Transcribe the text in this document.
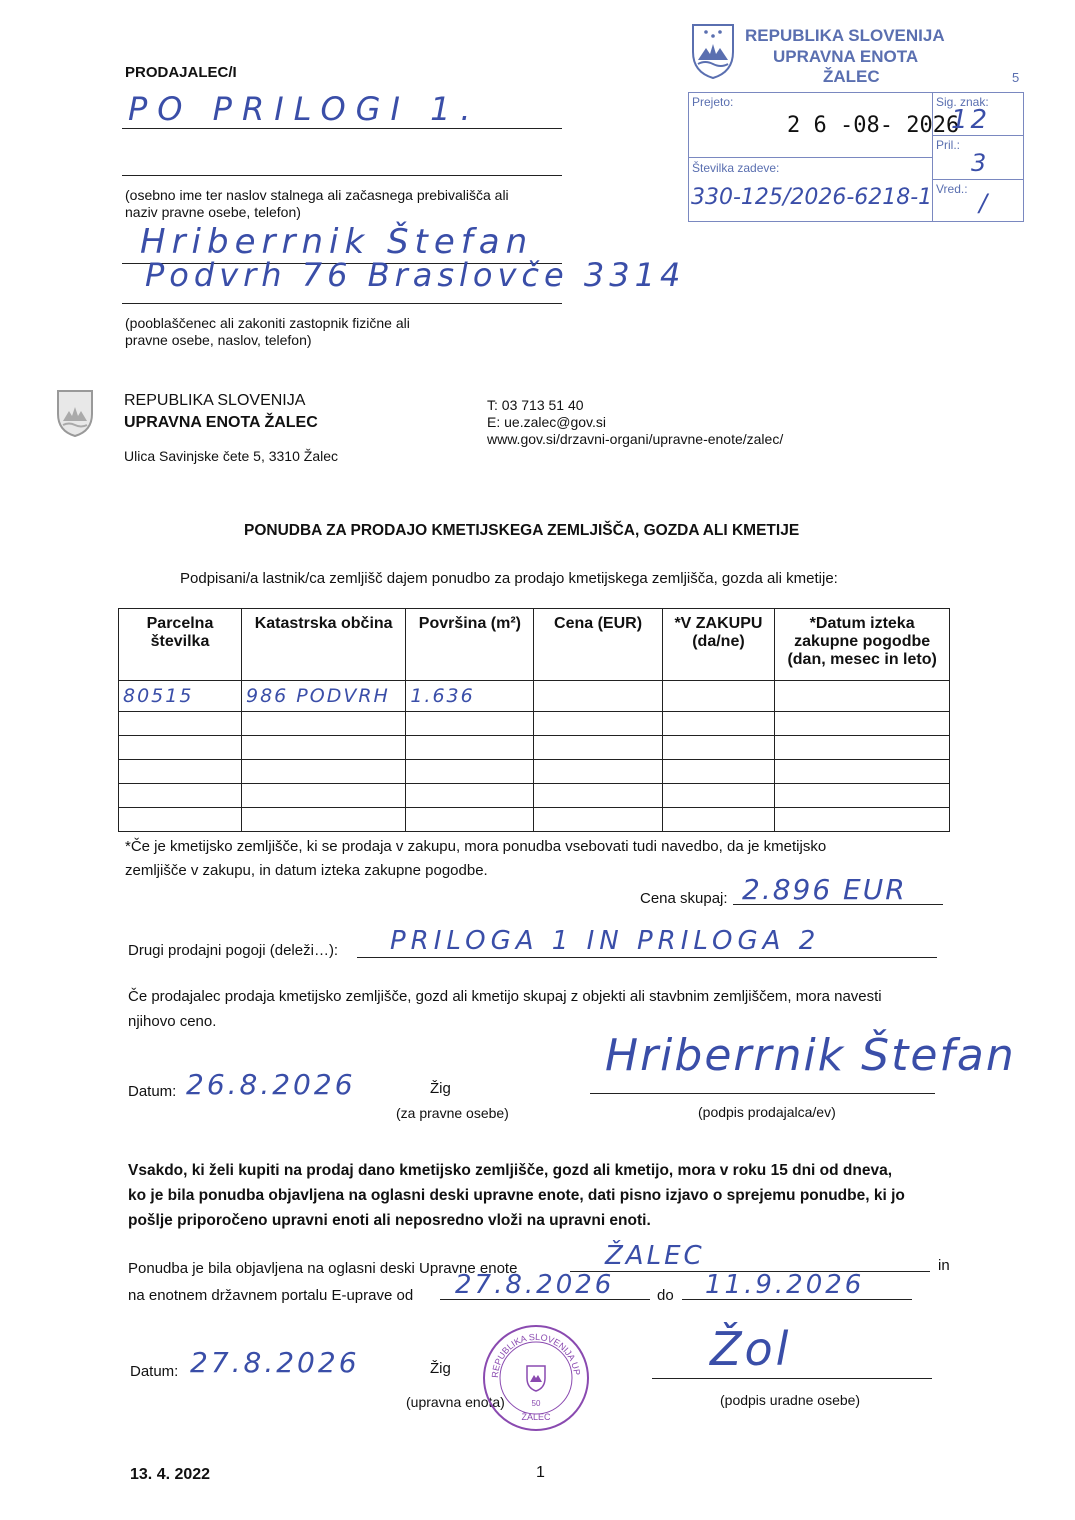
PRODAJALEC/I
PO PRILOGI 1.
(osebno ime ter naslov stalnega ali začasnega prebivališča ali
naziv pravne osebe, telefon)
Hriberrnik Štefan
Podvrh 76 Braslovče 3314
(pooblaščenec ali zakoniti zastopnik fizične ali
pravne osebe, naslov, telefon)
REPUBLIKA SLOVENIJA
UPRAVNA ENOTA
ŽALEC	5
Prejeto:
2 6 -08- 2026
Številka zadeve:
330-125/2026-6218-1
Sig. znak:
12
Pril.:
3
Vred.: /
REPUBLIKA SLOVENIJA
UPRAVNA ENOTA ŽALEC
Ulica Savinjske čete 5, 3310 Žalec
T: 03 713 51 40
E: ue.zalec@gov.si
www.gov.si/drzavni-organi/upravne-enote/zalec/
PONUDBA ZA PRODAJO KMETIJSKEGA ZEMLJIŠČA, GOZDA ALI KMETIJE
Podpisani/a lastnik/ca zemljišč dajem ponudbo za prodajo kmetijskega zemljišča, gozda ali kmetije:
Parcelna številka	Katastrska občina	Površina (m²)	Cena (EUR)	*V ZAKUPU (da/ne)	*Datum izteka zakupne pogodbe (dan, mesec in leto)
80515	986 PODVRH	1.636			

*Če je kmetijsko zemljišče, ki se prodaja v zakupu, mora ponudba vsebovati tudi navedbo, da je kmetijsko
zemljišče v zakupu, in datum izteka zakupne pogodbe.
Cena skupaj: 2.896 EUR
Drugi prodajni pogoji (deleži…): PRILOGA 1 IN PRILOGA 2
Če prodajalec prodaja kmetijsko zemljišče, gozd ali kmetijo skupaj z objekti ali stavbnim zemljiščem, mora navesti
njihovo ceno.
Datum: 26.8.2026	Žig
(za pravne osebe)
Hriberrnik Štefan
(podpis prodajalca/ev)
Vsakdo, ki želi kupiti na prodaj dano kmetijsko zemljišče, gozd ali kmetijo, mora v roku 15 dni od dneva,
ko je bila ponudba objavljena na oglasni deski upravne enote, dati pisno izjavo o sprejemu ponudbe, ki jo
pošlje priporočeno upravni enoti ali neposredno vloži na upravni enoti.
Ponudba je bila objavljena na oglasni deski Upravne enote	ŽALEC	in
na enotnem državnem portalu E-uprave od 27.8.2026	do 11.9.2026
Datum: 27.8.2026	Žig
(upravna enota)
REPUBLIKA SLOVENIJA UP
50
ŽALEC
Žol
(podpis uradne osebe)
13. 4. 2022	1
